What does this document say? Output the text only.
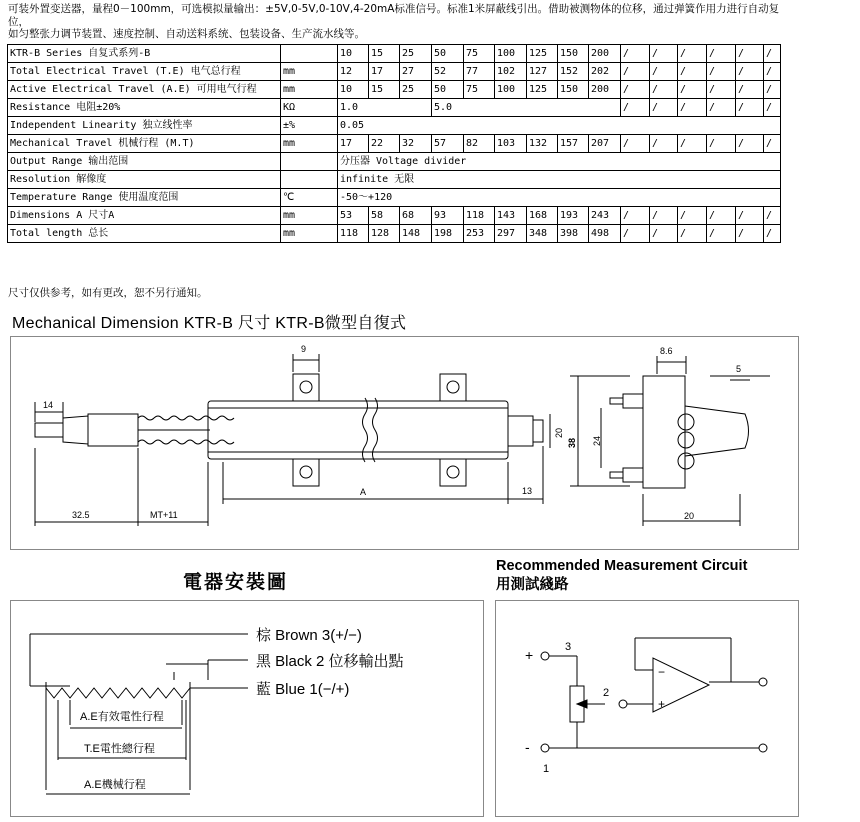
可装外置变送器，量程0－100mm，可选模拟量输出：±5V,0-5V,0-10V,4-20mA标准信号。标准1米屏蔽线引出。借助被测物体的位移，通过弹簧作用力进行自动复

位，

如匀整张力调节装置、速度控制、自动送料系统、包装设备、生产流水线等。

KTR-B Series 自复式系列-B		10	15	25	50	75	100	125	150	200	/	/	/	/	/	/
Total Electrical Travel (T.E) 电气总行程	mm	12	17	27	52	77	102	127	152	202	/	/	/	/	/	/
Active Electrical Travel (A.E) 可用电气行程	mm	10	15	25	50	75	100	125	150	200	/	/	/	/	/	/
Resistance 电阻±20%	KΩ	1.0			5.0						/	/	/	/	/	/
Independent Linearity 独立线性率	±%	0.05														
Mechanical Travel 机械行程 (M.T)	mm	17	22	32	57	82	103	132	157	207	/	/	/	/	/	/
Output Range 输出范围		分压器 Voltage divider														
Resolution 解像度		infinite 无限														
Temperature Range 使用温度范围	℃	-50～+120														
Dimensions A 尺寸A	mm	53	58	68	93	118	143	168	193	243	/	/	/	/	/	/
Total length 总长	mm	118	128	148	198	253	297	348	398	498	/	/	/	/	/	/
尺寸仅供参考，如有更改，恕不另行通知。
Mechanical Dimension KTR-B 尺寸 KTR-B微型自復式
9
14
32.5	MT+11
A	13
20
38 24
8.6
5
20
電器安裝圖
棕 Brown 3(+/−)
黑 Black 2 位移輸出點
藍 Blue 1(−/+)
A.E有效電性行程
T.E電性總行程
A.E機械行程
Recommended Measurement Circuit
用測試綫路
+
-
3
2
1
−
+
